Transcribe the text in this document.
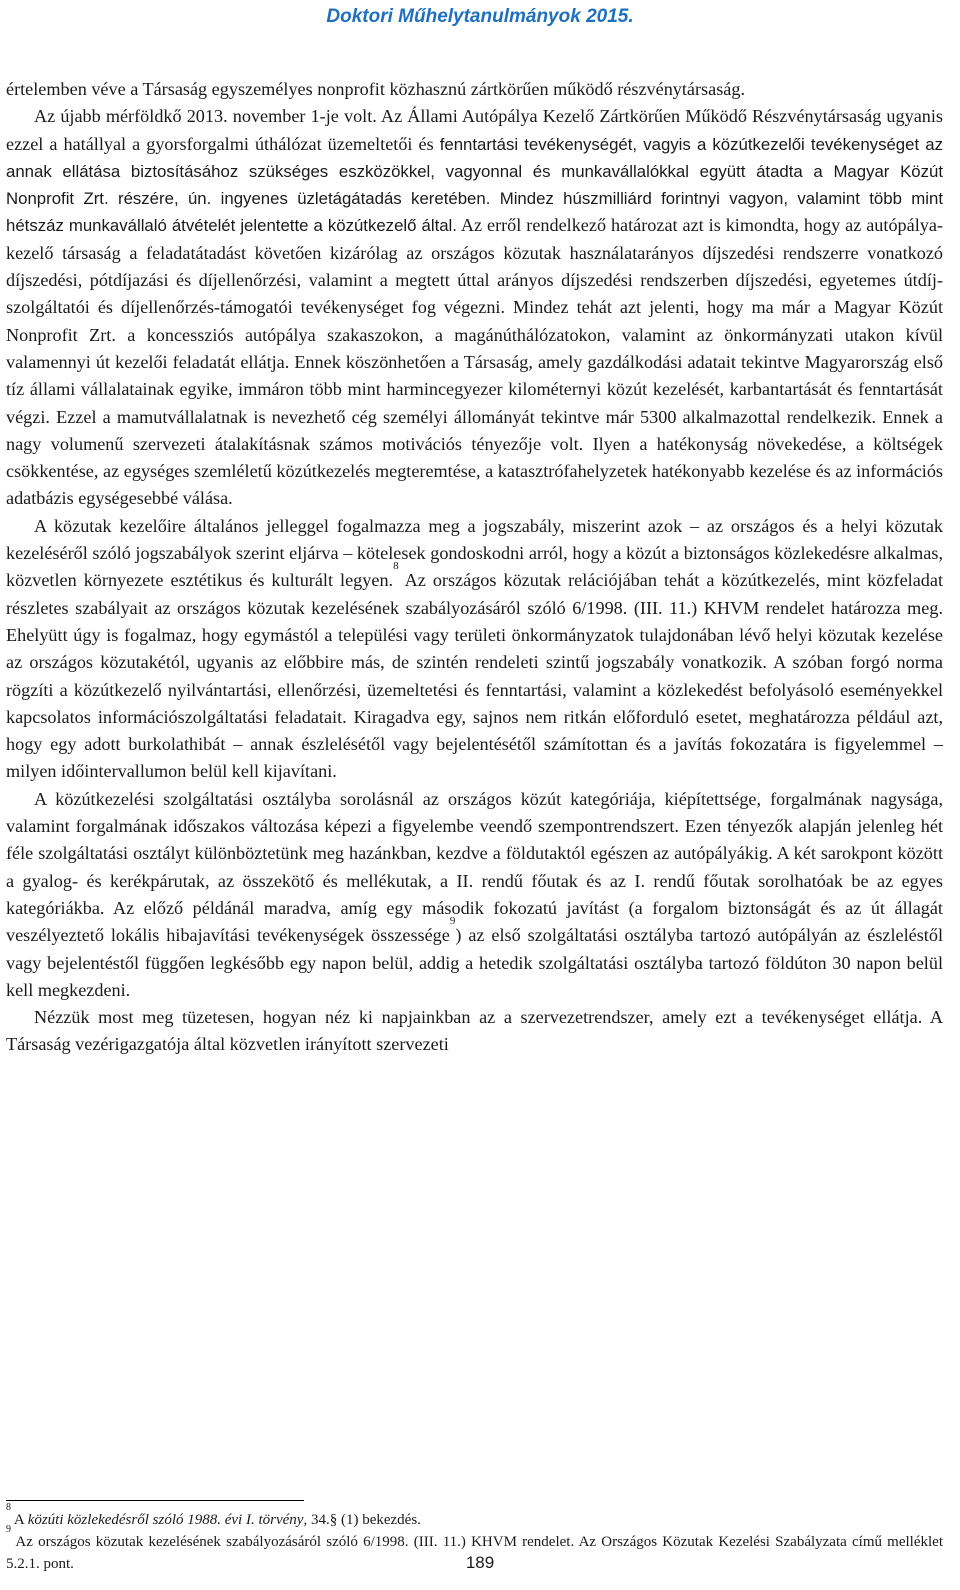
Doktori Műhelytanulmányok 2015.

értelemben véve a Társaság egyszemélyes nonprofit közhasznú zártkörűen működő részvénytársaság.

Az újabb mérföldkő 2013. november 1-je volt. Az Állami Autópálya Kezelő Zártkörűen Működő Részvénytársaság ugyanis ezzel a hatállyal a gyorsforgalmi úthálózat üzemeltetői és fenntartási tevékenységét, vagyis a közútkezelői tevékenységet az annak ellátása biztosításához szükséges eszközökkel, vagyonnal és munkavállalókkal együtt átadta a Magyar Közút Nonprofit Zrt. részére, ún. ingyenes üzletágátadás keretében. Mindez húszmilliárd forintnyi vagyon, valamint több mint hétszáz munkavállaló átvételét jelentette a közútkezelő által. Az erről rendelkező határozat azt is kimondta, hogy az autópálya-kezelő társaság a feladatátadást követően kizárólag az országos közutak használatarányos díjszedési rendszerre vonatkozó díjszedési, pótdíjazási és díjellenőrzési, valamint a megtett úttal arányos díjszedési rendszerben díjszedési, egyetemes útdíj-szolgáltatói és díjellenőrzés-támogatói tevékenységet fog végezni. Mindez tehát azt jelenti, hogy ma már a Magyar Közút Nonprofit Zrt. a koncessziós autópálya szakaszokon, a magánúthálózatokon, valamint az önkormányzati utakon kívül valamennyi út kezelői feladatát ellátja. Ennek köszönhetően a Társaság, amely gazdálkodási adatait tekintve Magyarország első tíz állami vállalatainak egyike, immáron több mint harmincegyezer kilométernyi közút kezelését, karbantartását és fenntartását végzi. Ezzel a mamutvállalatnak is nevezhető cég személyi állományát tekintve már 5300 alkalmazottal rendelkezik. Ennek a nagy volumenű szervezeti átalakításnak számos motivációs tényezője volt. Ilyen a hatékonyság növekedése, a költségek csökkentése, az egységes szemléletű közútkezelés megteremtése, a katasztrófahelyzetek hatékonyabb kezelése és az információs adatbázis egységesebbé válása.

A közutak kezelőire általános jelleggel fogalmazza meg a jogszabály, miszerint azok – az országos és a helyi közutak kezeléséről szóló jogszabályok szerint eljárva – kötelesek gondoskodni arról, hogy a közút a biztonságos közlekedésre alkalmas, közvetlen környezete esztétikus és kulturált legyen.$^8$ Az országos közutak relációjában tehát a közútkezelés, mint közfeladat részletes szabályait az országos közutak kezelésének szabályozásáról szóló 6/1998. (III. 11.) KHVM rendelet határozza meg. Ehelyütt úgy is fogalmaz, hogy egymástól a települési vagy területi önkormányzatok tulajdonában lévő helyi közutak kezelése az országos közutakétól, ugyanis az előbbire más, de szintén rendeleti szintű jogszabály vonatkozik. A szóban forgó norma rögzíti a közútkezelő nyilvántartási, ellenőrzési, üzemeltetési és fenntartási, valamint a közlekedést befolyásoló eseményekkel kapcsolatos információszolgáltatási feladatait. Kiragadva egy, sajnos nem ritkán előforduló esetet, meghatározza például azt, hogy egy adott burkolathibát – annak észlelésétől vagy bejelentésétől számítottan és a javítás fokozatára is figyelemmel – milyen időintervallumon belül kell kijavítani.

A közútkezelési szolgáltatási osztályba sorolásnál az országos közút kategóriája, kiépítettsége, forgalmának nagysága, valamint forgalmának időszakos változása képezi a figyelembe veendő szempontrendszert. Ezen tényezők alapján jelenleg hét féle szolgáltatási osztályt különböztetünk meg hazánkban, kezdve a földutaktól egészen az autópályákig. A két sarokpont között a gyalog- és kerékpárutak, az összekötő és mellékutak, a II. rendű főutak és az I. rendű főutak sorolhatóak be az egyes kategóriákba. Az előző példánál maradva, amíg egy második fokozatú javítást (a forgalom biztonságát és az út állagát veszélyeztető lokális hibajavítási tevékenységek összessége$^9$) az első szolgáltatási osztályba tartozó autópályán az észleléstől vagy bejelentéstől függően legkésőbb egy napon belül, addig a hetedik szolgáltatási osztályba tartozó földúton 30 napon belül kell megkezdeni.

Nézzük most meg tüzetesen, hogyan néz ki napjainkban az a szervezetrendszer, amely ezt a tevékenységet ellátja. A Társaság vezérigazgatója által közvetlen irányított szervezeti

$^8$ A közúti közlekedésről szóló 1988. évi I. törvény, 34.§ (1) bekezdés.

$^9$ Az országos közutak kezelésének szabályozásáról szóló 6/1998. (III. 11.) KHVM rendelet. Az Országos Közutak Kezelési Szabályzata című melléklet 5.2.1. pont.	189
